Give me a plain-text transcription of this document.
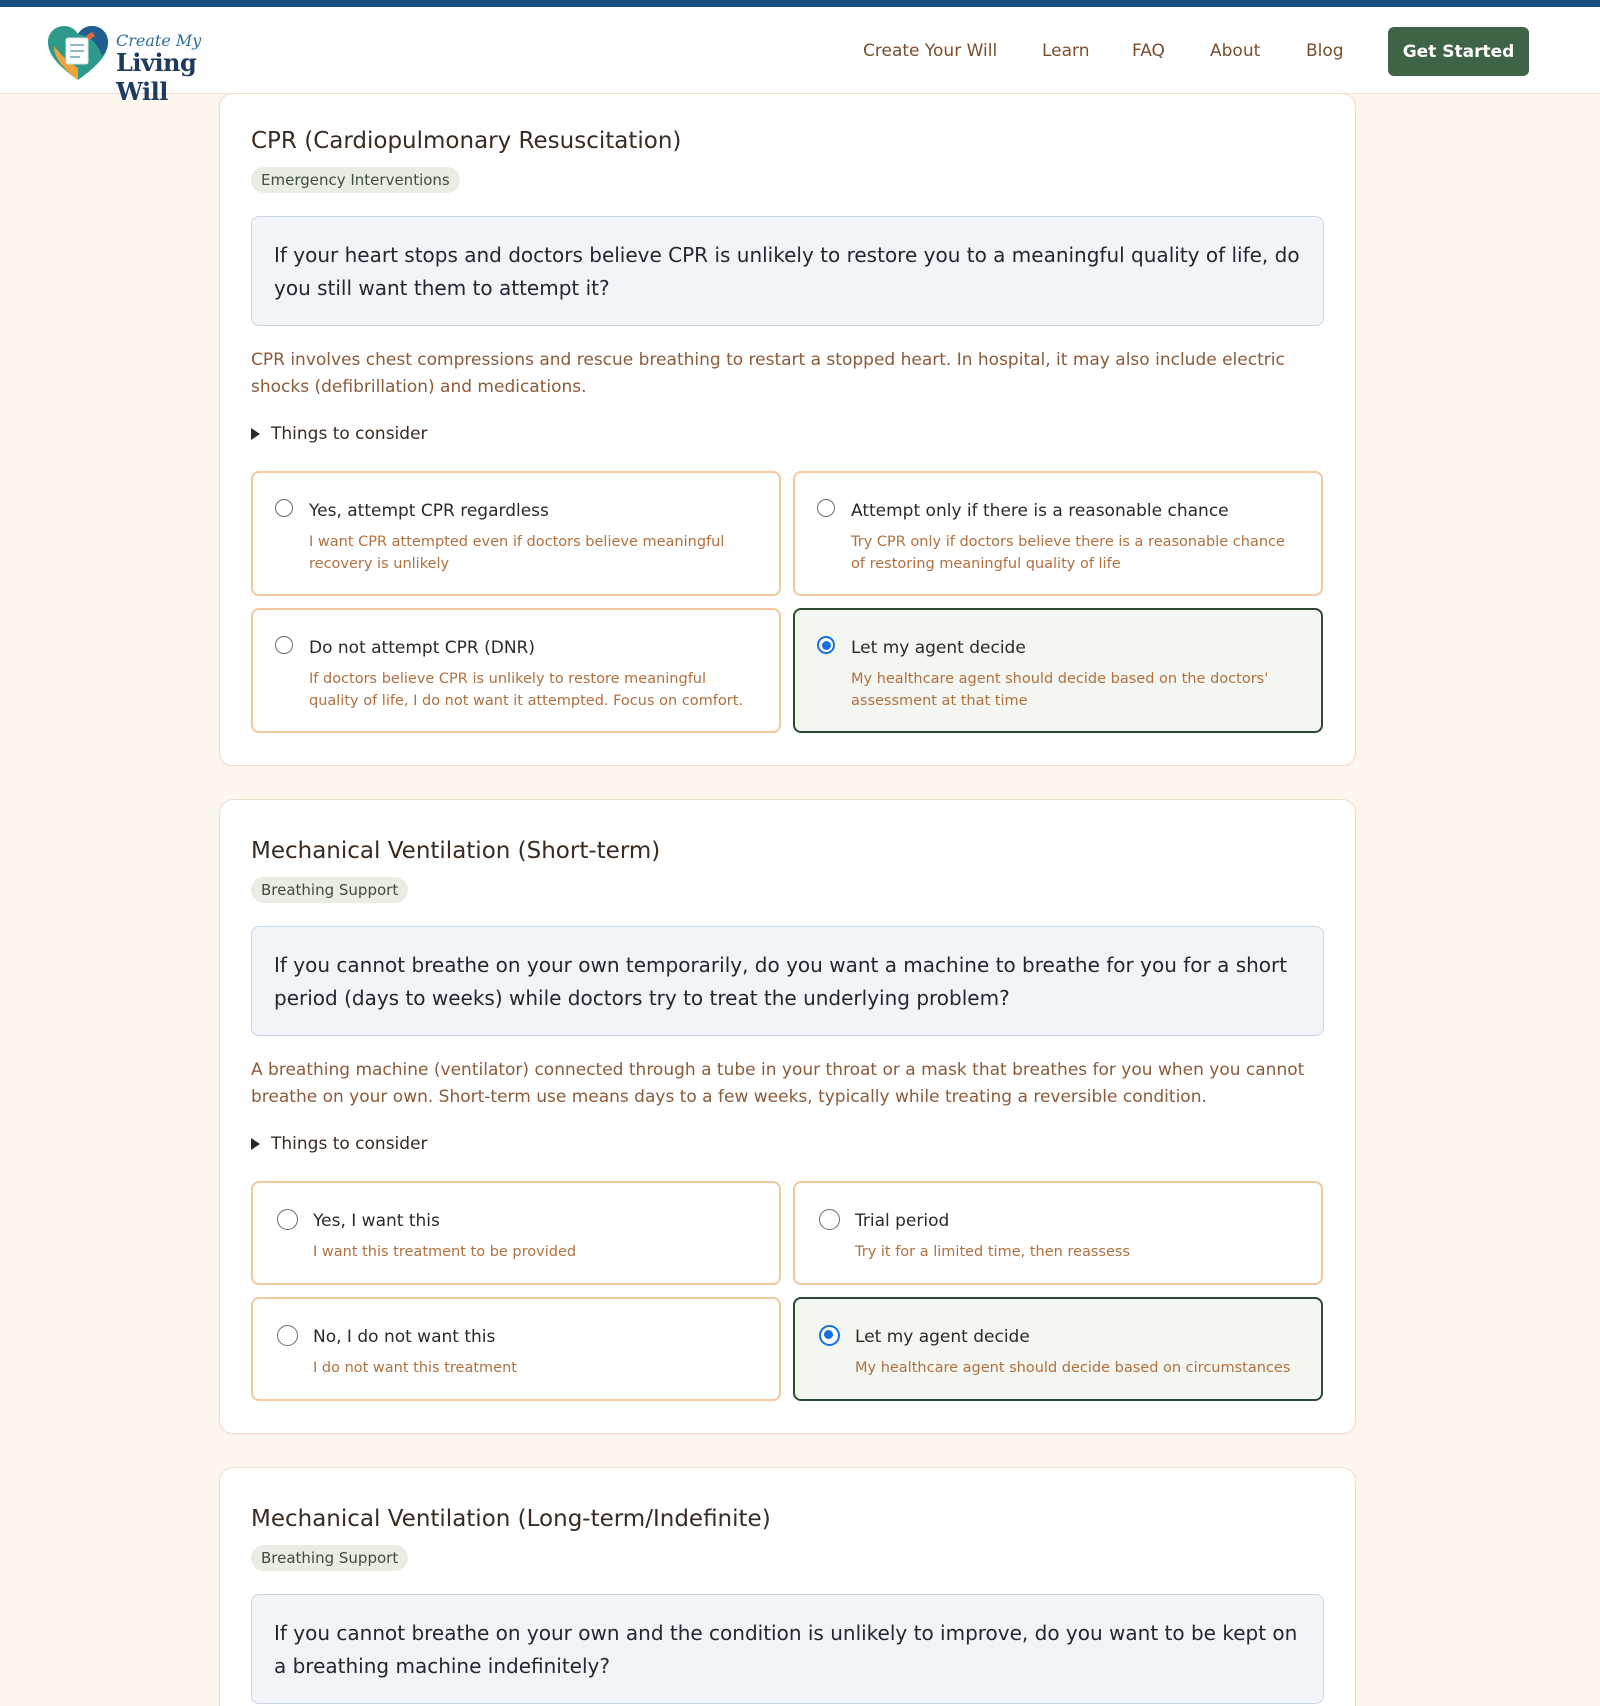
Create My
Living Will
Create Your Will	Learn FAQ	About	Blog	Get Started
CPR (Cardiopulmonary Resuscitation)
Emergency Interventions
If your heart stops and doctors believe CPR is unlikely to restore you to a meaningful quality of life, do you still want them to attempt it?
CPR involves chest compressions and rescue breathing to restart a stopped heart. In hospital, it may also include electric shocks (defibrillation) and medications.
Things to consider
Yes, attempt CPR regardless
I want CPR attempted even if doctors believe meaningful recovery is unlikely
Attempt only if there is a reasonable chance
Try CPR only if doctors believe there is a reasonable chance of restoring meaningful quality of life
Do not attempt CPR (DNR)
If doctors believe CPR is unlikely to restore meaningful quality of life, I do not want it attempted. Focus on comfort.
Let my agent decide
My healthcare agent should decide based on the doctors' assessment at that time
Mechanical Ventilation (Short-term)
Breathing Support
If you cannot breathe on your own temporarily, do you want a machine to breathe for you for a short period (days to weeks) while doctors try to treat the underlying problem?
A breathing machine (ventilator) connected through a tube in your throat or a mask that breathes for you when you cannot breathe on your own. Short-term use means days to a few weeks, typically while treating a reversible condition.
Things to consider
Yes, I want this
I want this treatment to be provided
Trial period
Try it for a limited time, then reassess
No, I do not want this
I do not want this treatment
Let my agent decide
My healthcare agent should decide based on circumstances
Mechanical Ventilation (Long-term/Indefinite)
Breathing Support
If you cannot breathe on your own and the condition is unlikely to improve, do you want to be kept on a breathing machine indefinitely?
